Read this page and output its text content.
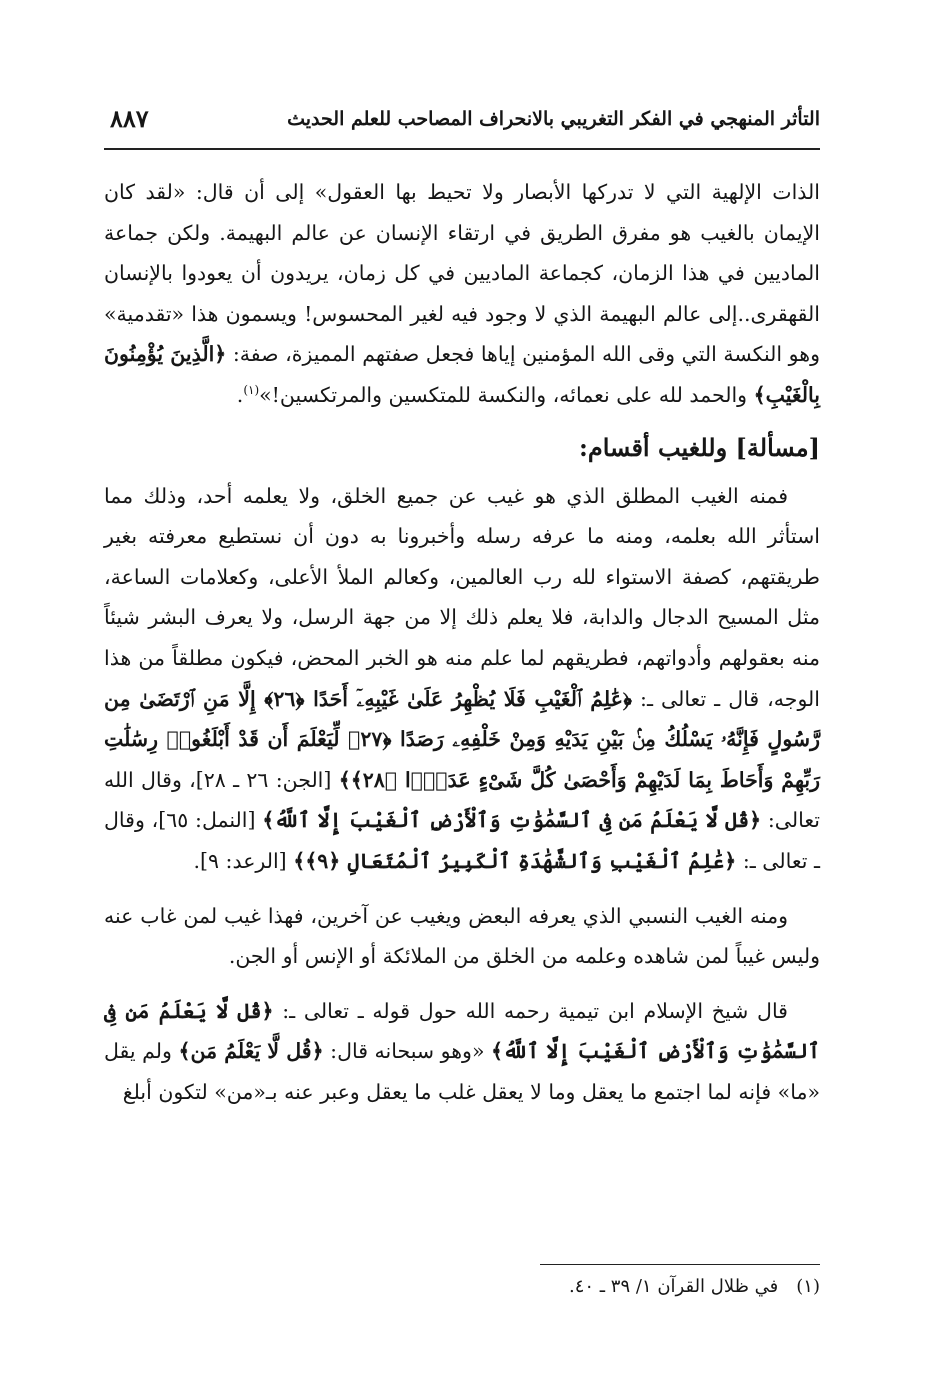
التأثر المنهجي في الفكر التغريبي بالانحراف المصاحب للعلم الحديث
٨٨٧

الذات الإلهية التي لا تدركها الأبصار ولا تحيط بها العقول» إلى أن قال: «لقد كان الإيمان بالغيب هو مفرق الطريق في ارتقاء الإنسان عن عالم البهيمة. ولكن جماعة الماديين في هذا الزمان، كجماعة الماديين في كل زمان، يريدون أن يعودوا بالإنسان القهقرى..إلى عالم البهيمة الذي لا وجود فيه لغير المحسوس! ويسمون هذا «تقدمية» وهو النكسة التي وقى الله المؤمنين إياها فجعل صفتهم المميزة، صفة: ﴿الَّذِينَ يُؤْمِنُونَ بِالْغَيْبِ﴾ والحمد لله على نعمائه، والنكسة للمتكسين والمرتكسين!»$^{(١)}$.

[مسألة] وللغيب أقسام:

فمنه الغيب المطلق الذي هو غيب عن جميع الخلق، ولا يعلمه أحد، وذلك مما استأثر الله بعلمه، ومنه ما عرفه رسله وأخبرونا به دون أن نستطيع معرفته بغير طريقتهم، كصفة الاستواء لله رب العالمين، وكعالم الملأ الأعلى، وكعلامات الساعة، مثل المسيح الدجال والدابة، فلا يعلم ذلك إلا من جهة الرسل، ولا يعرف البشر شيئاً منه بعقولهم وأدواتهم، فطريقهم لما علم منه هو الخبر المحض، فيكون مطلقاً من هذا الوجه، قال ـ تعالى ـ: ﴿عَٰلِمُ ٱلْغَيْبِ فَلَا يُظْهِرُ عَلَىٰ غَيْبِهِۦٓ أَحَدًا ﴿٢٦﴾ إِلَّا مَنِ ٱرْتَضَىٰ مِن رَّسُولٍ فَإِنَّهُۥ يَسْلُكُ مِنۢ بَيْنِ يَدَيْهِ وَمِنْ خَلْفِهِۦ رَصَدًا ﴿٢٧﴾ لِّيَعْلَمَ أَن قَدْ أَبْلَغُوا۟ رِسَٰلَٰتِ رَبِّهِمْ وَأَحَاطَ بِمَا لَدَيْهِمْ وَأَحْصَىٰ كُلَّ شَىْءٍ عَدَدًۢا ﴿٢٨﴾﴾ [الجن: ٢٦ ـ ٢٨]، وقال الله تعالى: ﴿قُل لَّا يَعْلَمُ مَن فِى ٱلسَّمَٰوَٰتِ وَٱلْأَرْضِ ٱلْغَيْبَ إِلَّا ٱللَّهُ﴾ [النمل: ٦٥]، وقال ـ تعالى ـ: ﴿عَٰلِمُ ٱلْغَيْبِ وَٱلشَّهَٰدَةِ ٱلْكَبِيرُ ٱلْمُتَعَالِ ﴿٩﴾﴾ [الرعد: ٩].

ومنه الغيب النسبي الذي يعرفه البعض ويغيب عن آخرين، فهذا غيب لمن غاب عنه وليس غيباً لمن شاهده وعلمه من الخلق من الملائكة أو الإنس أو الجن.

قال شيخ الإسلام ابن تيمية رحمه الله حول قوله ـ تعالى ـ: ﴿قُل لَّا يَعْلَمُ مَن فِى ٱلسَّمَٰوَٰتِ وَٱلْأَرْضِ ٱلْغَيْبَ إِلَّا ٱللَّهُ﴾ «وهو سبحانه قال: ﴿قُل لَّا يَعْلَمُ مَن﴾ ولم يقل «ما» فإنه لما اجتمع ما يعقل وما لا يعقل غلب ما يعقل وعبر عنه بـ«من» لتكون أبلغ

(١)في ظلال القرآن ١/ ٣٩ ـ ٤٠.
